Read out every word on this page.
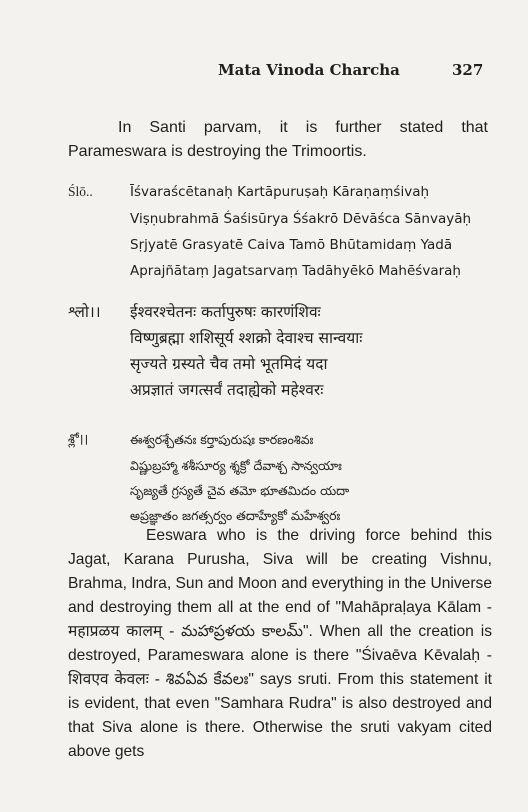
Mata Vinoda Charcha	327
In Santi parvam, it is further stated that Parameswara is destroying the Trimoortis.
Ślō..	Īśvaraścētanaḥ Kartāpuruṣaḥ Kāraṇaṃśivaḥ
Viṣṇubrahmā Śaśisūrya Śśakrō Dēvāśca Sānvayāḥ
Sṛjyatē Grasyatē Caiva Tamō Bhūtamidaṃ Yadā
Aprajñātaṃ Jagatsarvaṃ Tadāhyēkō Mahēśvaraḥ
श्लो।। ईश्वरश्चेतनः कर्तापुरुषः कारणंशिवः
विष्णुब्रह्मा शशिसूर्य श्शक्रो देवाश्च सान्वयाः
सृज्यते ग्रस्यते चैव तमो भूतमिदं यदा
अप्रज्ञातं जगत्सर्वं तदाह्येको महेश्वरः
శ్లో।।	ఈశ్వరశ్చేతనః కర్తాపురుషః కారణంశివః
విష్ణుబ్రహ్మా శశీసూర్య శ్శక్రో దేవాశ్చ సాన్వయాః
సృజ్యతే గ్రస్యతే చైవ తమో భూతమిదం యదా
అప్రజ్ఞాతం జగత్సర్వం తదాహ్యేకో మహేశ్వరః

Eeswara who is the driving force behind this Jagat, Karana Purusha, Siva will be creating Vishnu, Brahma, Indra, Sun and Moon and everything in the Universe and destroying them all at the end of "Mahāpraḷaya Kālam - महाप्रळय कालम् - మహాప్రళయ కాలమ్". When all the creation is destroyed, Parameswara alone is there "Śivaēva Kēvalaḥ - शिवएव केवलः - శివఏవ కేవలః" says sruti. From this statement it is evident, that even "Samhara Rudra" is also destroyed and that Siva alone is there. Otherwise the sruti vakyam cited above gets
